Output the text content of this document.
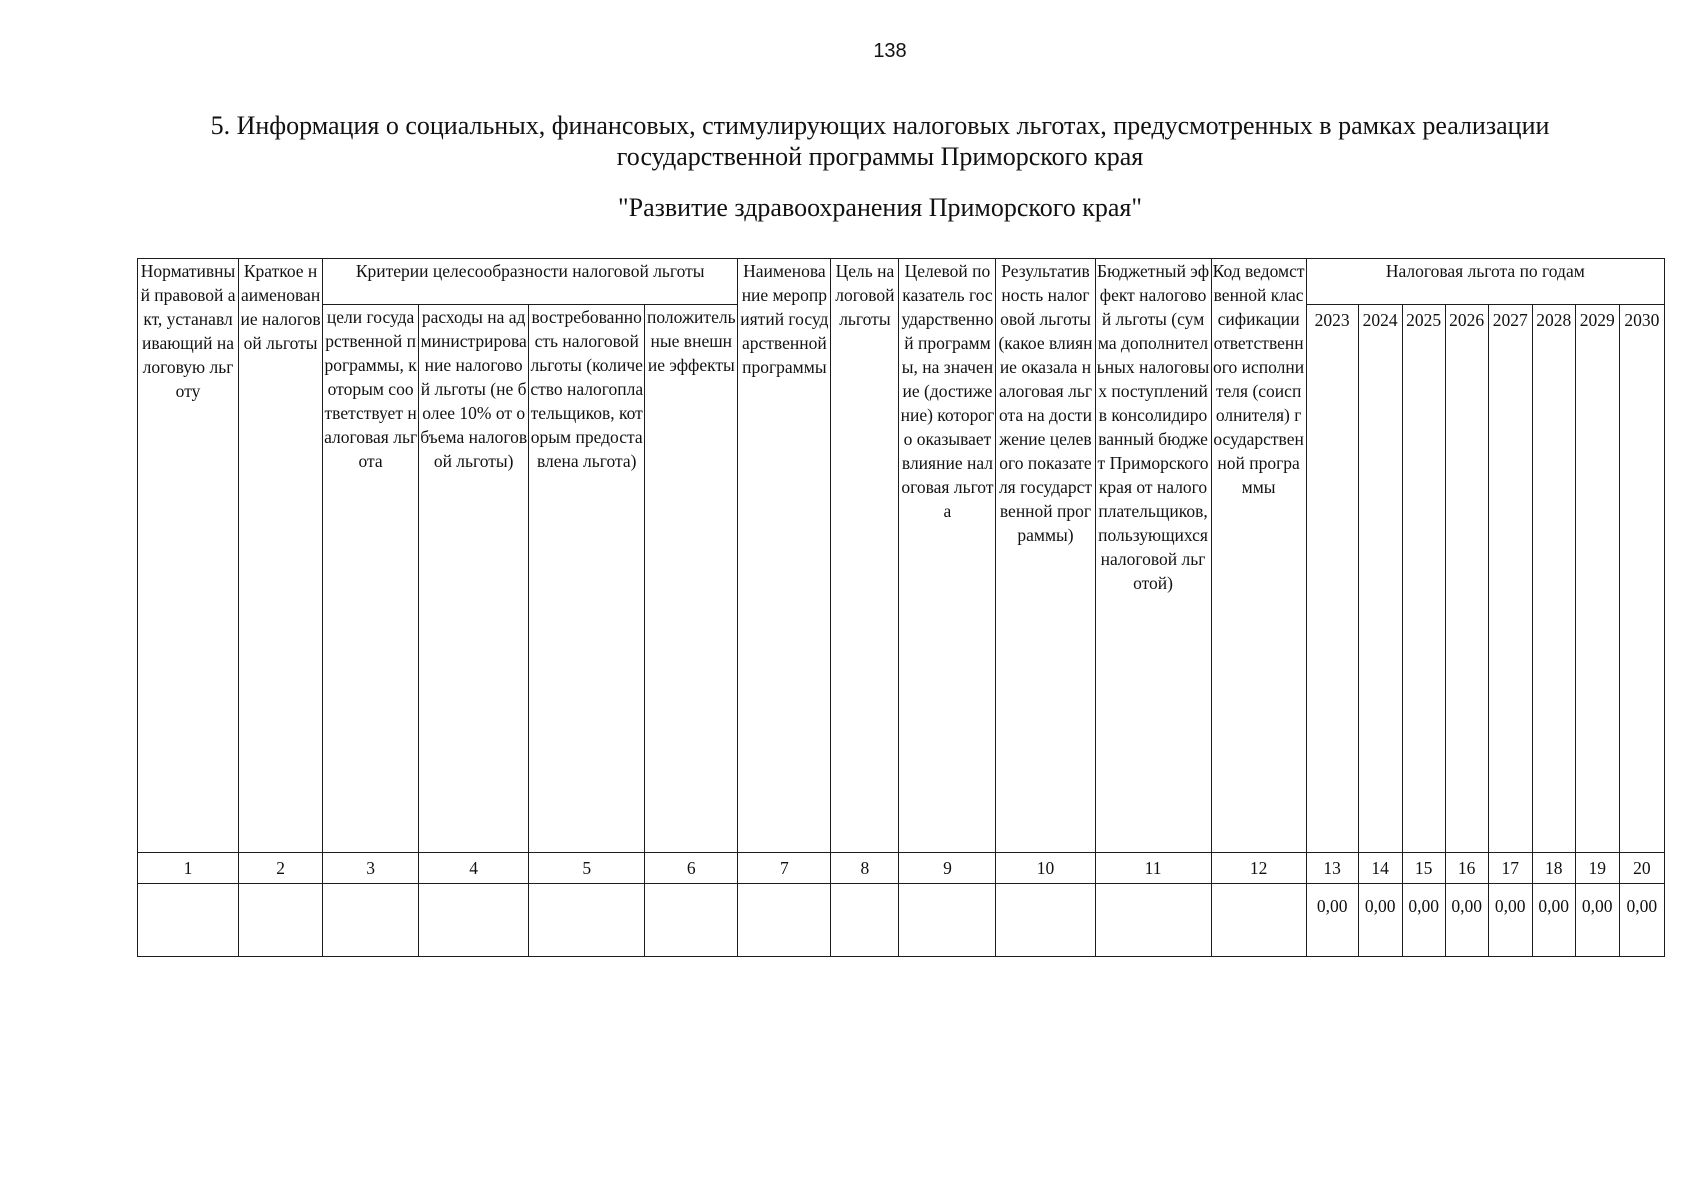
138
5. Информация о социальных, финансовых, стимулирующих налоговых льготах, предусмотренных в рамках реализации
государственной программы Приморского края
"Развитие здравоохранения Приморского края"
Нормативный правовой акт, устанавливающий налоговую льготу	Краткое наименование налоговой льготы	Критерии целесообразности налоговой льготы				Наименование мероприятий государственной программы	Цель налоговой льготы	Целевой показатель государственной программы, на значение (достижение) которого оказывает влияние налоговая льгота	Результативность налоговой льготы (какое влияние оказала налоговая льгота на достижение целевого показателя государственной программы)	Бюджетный эффект налоговой льготы (сумма дополнительных налоговых поступлений в консолидированный бюджет Приморского края от налогоплательщиков, пользующихся налоговой льготой)	Код ведомственной классификации ответственного исполнителя (соисполнителя) государственной программы	Налоговая льгота по годам							
		цели государственной программы, которым соответствует налоговая льгота	расходы на администрирование налоговой льготы (не более 10% от объема налоговой льготы)	востребованность налоговой льготы (количество налогоплательщиков, которым предоставлена льгота)	положительные внешние эффекты							2023	2024	2025	2026	2027	2028	2029	2030
1	2	3	4	5	6	7	8	9	10	11	12	13	14	15	16	17	18	19	20
												0,00	0,00	0,00	0,00	0,00	0,00	0,00	0,00
